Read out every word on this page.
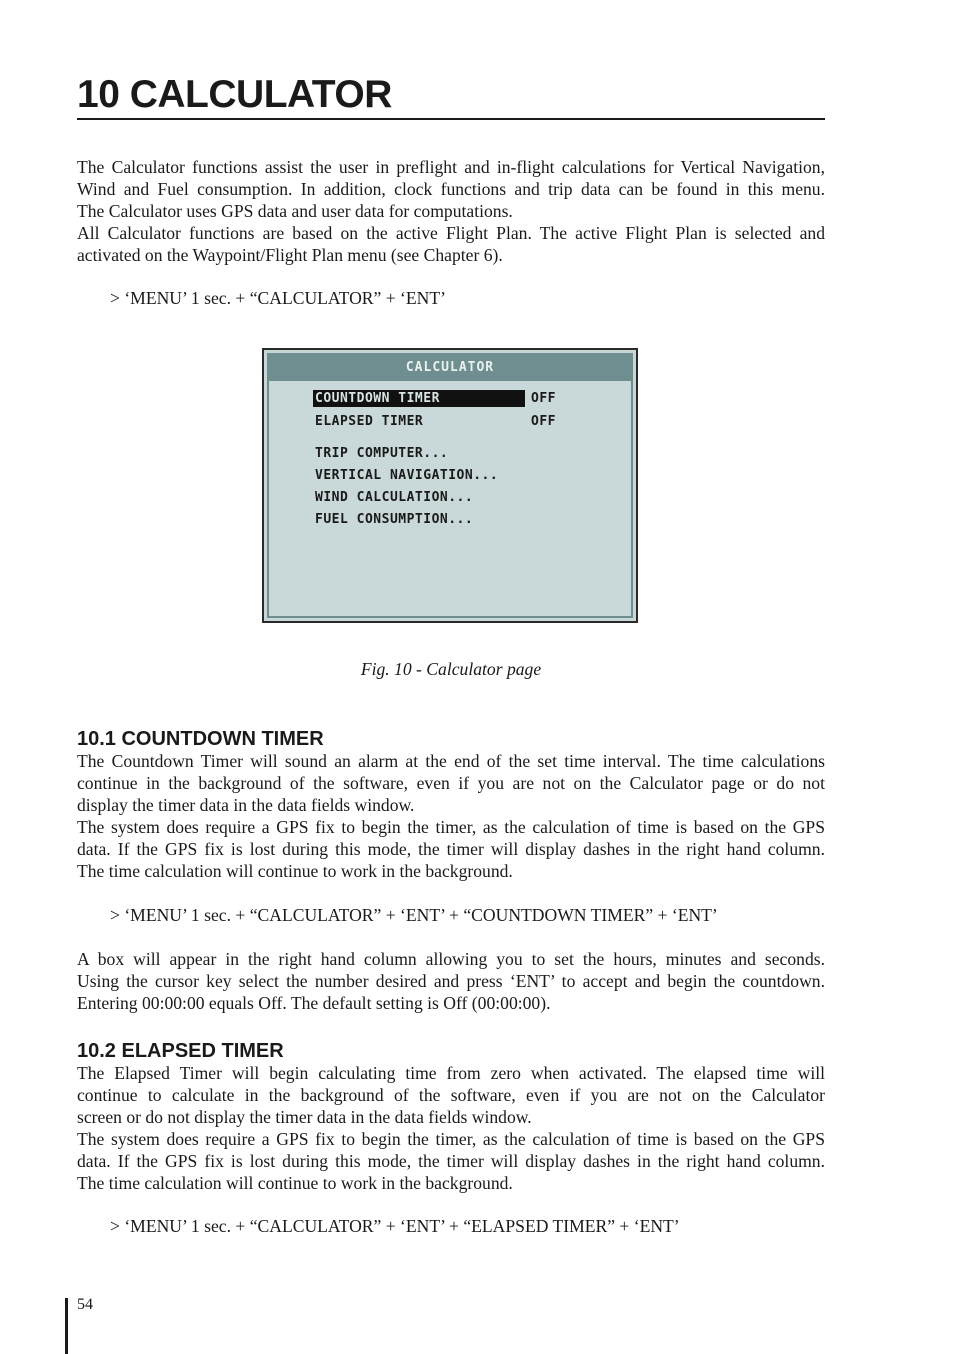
10 CALCULATOR
The Calculator functions assist the user in preflight and in-flight calculations for Vertical Navigation,
Wind and Fuel consumption. In addition, clock functions and trip data can be found in this menu.
The Calculator uses GPS data and user data for computations.
All Calculator functions are based on the active Flight Plan. The active Flight Plan is selected and
activated on the Waypoint/Flight Plan menu (see Chapter 6).

> ‘MENU’ 1 sec. + “CALCULATOR” + ‘ENT’

CALCULATOR
COUNTDOWN TIMER	OFF
ELAPSED TIMER	OFF
TRIP COMPUTER...
VERTICAL NAVIGATION...
WIND CALCULATION...
FUEL CONSUMPTION...

Fig. 10 - Calculator page

10.1 COUNTDOWN TIMER
The Countdown Timer will sound an alarm at the end of the set time interval. The time calculations
continue in the background of the software, even if you are not on the Calculator page or do not
display the timer data in the data fields window.
The system does require a GPS fix to begin the timer, as the calculation of time is based on the GPS
data. If the GPS fix is lost during this mode, the timer will display dashes in the right hand column.
The time calculation will continue to work in the background.

> ‘MENU’ 1 sec. + “CALCULATOR” + ‘ENT’ + “COUNTDOWN TIMER” + ‘ENT’

A box will appear in the right hand column allowing you to set the hours, minutes and seconds.
Using the cursor key select the number desired and press ‘ENT’ to accept and begin the countdown.
Entering 00:00:00 equals Off. The default setting is Off (00:00:00).
10.2 ELAPSED TIMER
The Elapsed Timer will begin calculating time from zero when activated. The elapsed time will
continue to calculate in the background of the software, even if you are not on the Calculator
screen or do not display the timer data in the data fields window.
The system does require a GPS fix to begin the timer, as the calculation of time is based on the GPS
data. If the GPS fix is lost during this mode, the timer will display dashes in the right hand column.
The time calculation will continue to work in the background.

> ‘MENU’ 1 sec. + “CALCULATOR” + ‘ENT’ + “ELAPSED TIMER” + ‘ENT’

54
